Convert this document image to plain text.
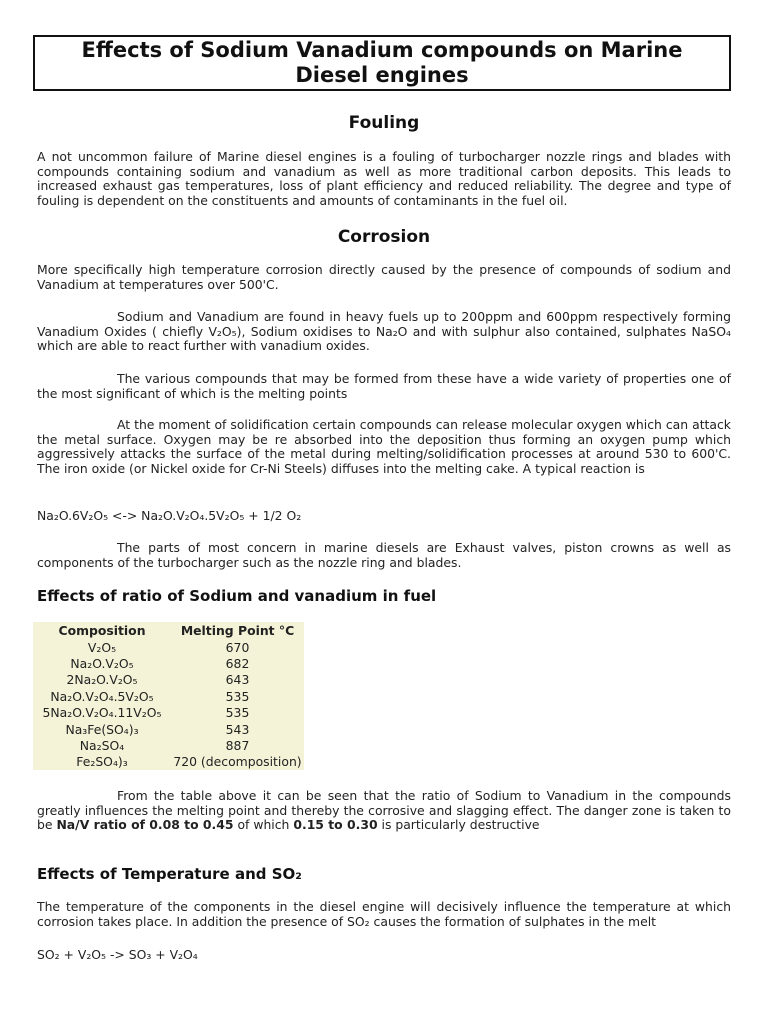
Effects of Sodium Vanadium compounds on Marine Diesel engines
Fouling

A not uncommon failure of Marine diesel engines is a fouling of turbocharger nozzle rings and blades with compounds containing sodium and vanadium as well as more traditional carbon deposits. This leads to increased exhaust gas temperatures, loss of plant efficiency and reduced reliability. The degree and type of fouling is dependent on the constituents and amounts of contaminants in the fuel oil.

Corrosion

More specifically high temperature corrosion directly caused by the presence of compounds of sodium and Vanadium at temperatures over 500'C.

Sodium and Vanadium are found in heavy fuels up to 200ppm and 600ppm respectively forming Vanadium Oxides ( chiefly V₂O₅), Sodium oxidises to Na₂O and with sulphur also contained, sulphates NaSO₄ which are able to react further with vanadium oxides.

The various compounds that may be formed from these have a wide variety of properties one of the most significant of which is the melting points

At the moment of solidification certain compounds can release molecular oxygen which can attack the metal surface. Oxygen may be re absorbed into the deposition thus forming an oxygen pump which aggressively attacks the surface of the metal during melting/solidification processes at around 530 to 600'C. The iron oxide (or Nickel oxide for Cr-Ni Steels) diffuses into the melting cake. A typical reaction is

Na₂O.6V₂O₅ <-> Na₂O.V₂O₄.5V₂O₅ + 1/2 O₂

The parts of most concern in marine diesels are Exhaust valves, piston crowns as well as components of the turbocharger such as the nozzle ring and blades.

Effects of ratio of Sodium and vanadium in fuel
Composition	Melting Point °C
V₂O₅	670
Na₂O.V₂O₅	682
2Na₂O.V₂O₅	643
Na₂O.V₂O₄.5V₂O₅	535
5Na₂O.V₂O₄.11V₂O₅	535
Na₃Fe(SO₄)₃	543
Na₂SO₄	887
Fe₂SO₄)₃	720 (decomposition)

From the table above it can be seen that the ratio of Sodium to Vanadium in the compounds greatly influences the melting point and thereby the corrosive and slagging effect. The danger zone is taken to be Na/V ratio of 0.08 to 0.45 of which 0.15 to 0.30 is particularly destructive

Effects of Temperature and SO₂

The temperature of the components in the diesel engine will decisively influence the temperature at which corrosion takes place. In addition the presence of SO₂ causes the formation of sulphates in the melt

SO₂ + V₂O₅ -> SO₃ + V₂O₄
